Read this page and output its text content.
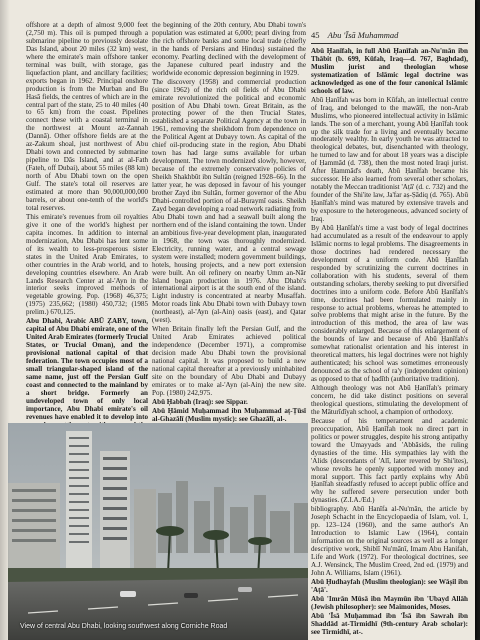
45 Abu 'Īsā Muhammad

offshore at a depth of almost 9,000 feet (2,750 m). This oil is pumped through a submarine pipeline to previously desolate Das Island, about 20 miles (32 km) west, where the emirate's main offshore tanker terminal was built, with storage, gas liquefaction plant, and ancillary facilities; exports began in 1962. Principal onshore production is from the Murban and Bu Hasā fields, the centres of which are in the central part of the state, 25 to 40 miles (40 to 65 km) from the coast. Pipelines connect these with a coastal terminal in the northwest at Mount az-Zannah (Dannā). Other offshore fields are at the az-Zakum shoal, just northwest of Abu Dhabi town and connected by submarine pipeline to Dās Island, and at al-Fath (Fateh, off Dubai), about 55 miles (88 km) north of Abu Dhabi town on the open Gulf. The state's total oil reserves are estimated at more than 90,000,000,000 barrels, or about one-tenth of the world's total reserves.

This emirate's revenues from oil royalties give it one of the world's highest per capita incomes. In addition to internal modernization, Abu Dhabi has lent some of its wealth to less-prosperous sister states in the United Arab Emirates, to other countries in the Arab world, and to developing countries elsewhere. An Arab Lands Research Center at al-'Ayn in the interior seeks improved methods of vegetable growing. Pop. (1968) 46,375; (1975) 235,662; (1980) 450,732; (1985 prelim.) 670,125.

Abu Dhabi, Arabic ABŪ ẒABY, town, capital of Abu Dhabi emirate, one of the United Arab Emirates (formerly Trucial States, or Trucial Oman), and the provisional national capital of that federation. The town occupies most of a small triangular-shaped island of the same name, just off the Persian Gulf coast and connected to the mainland by a short bridge. Formerly an undeveloped town of only local importance, Abu Dhabi emirate's oil revenues have enabled it to develop into

the beginning of the 20th century, Abu Dhabi town's population was estimated at 6,000; pearl diving from the rich offshore banks and some local trade (chiefly in the hands of Persians and Hindus) sustained the economy. Pearling declined with the development of the Japanese cultured pearl industry and the worldwide economic depression beginning in 1929.

The discovery (1958) and commercial production (since 1962) of the rich oil fields of Abu Dhabi emirate revolutionized the political and economic position of Abu Dhabi town. Great Britain, as the protecting power of the then Trucial States, established a separate Political Agency at the town in 1961, removing the sheikhdom from dependence on the Political Agent at Dubayy town. As capital of the chief oil-producing state in the region, Abu Dhabi town has had large sums available for urban development. The town modernized slowly, however, because of the extremely conservative policies of Sheikh Shakhbūt ibn Sultān (reigned 1928–66). In the latter year, he was deposed in favour of his younger brother Zayd ibn Sultān, former governor of the Abu Dhabi-controlled portion of al-Buraymī oasis. Sheikh Zayd began developing a road network radiating from Abu Dhabi town and had a seawall built along the northern end of the island containing the town. Under an ambitious five-year development plan, inaugurated in 1968, the town was thoroughly modernized. Electricity, running water, and a central sewage system were installed; modern government buildings, hotels, housing projects, and a new port extension were built. An oil refinery on nearby Umm an-Nār Island began production in 1976. Abu Dhabi's international airport is at the south end of the island. Light industry is concentrated at nearby Musaffah. Motor roads link Abu Dhabi town with Dubayy town (northeast), al-'Ayn (al-Ain) oasis (east), and Qatar (west).

When Britain finally left the Persian Gulf, and the United Arab Emirates achieved political independence (December 1971), a compromise decision made Abu Dhabi town the provisional national capital. It was proposed to build a new national capital thereafter at a previously uninhabited site on the boundary of Abu Dhabi and Dubayy emirates or to make al-'Ayn (al-Ain) the new site. Pop. (1980) 242,975.

Abū Ḥabbah (Iraq): see Sippar.

Abū Ḥāmid Muḥammad ibn Muḥammad aṭ-Ṭūsī al-Ghazālī (Muslim mystic): see Ghazālī, al-.

Abū Ḥanīfah, in full Abū Ḥanīfah an-Nu'mān ibn Thābit (b. 699, Kūfah, Iraq—d. 767, Baghdad), Muslim jurist and theologian whose systematization of Islāmic legal doctrine was acknowledged as one of the four canonical Islāmic schools of law.

Abū Ḥanīfah was born in Kūfah, an intellectual centre of Iraq, and belonged to the mawālī, the non-Arab Muslims, who pioneered intellectual activity in Islāmic lands. The son of a merchant, young Abū Ḥanīfah took up the silk trade for a living and eventually became moderately wealthy. In early youth he was attracted to theological debates, but, disenchanted with theology, he turned to law and for about 18 years was a disciple of Ḥammād (d. 738), then the most noted Iraqi jurist. After Ḥammād's death, Abū Ḥanīfah became his successor. He also learned from several other scholars, notably the Meccan traditionist 'Aṭā' (d. c. 732) and the founder of the Shi'ite law, Ja'far aṣ-Ṣādiq (d. 765). Abū Ḥanīfah's mind was matured by extensive travels and by exposure to the heterogeneous, advanced society of Iraq.

By Abū Ḥanīfah's time a vast body of legal doctrines had accumulated as a result of the endeavour to apply Islāmic norms to legal problems. The disagreements in those doctrines had rendered necessary the development of a uniform code. Abū Ḥanīfah responded by scrutinizing the current doctrines in collaboration with his students, several of them outstanding scholars, thereby seeking to put diversified doctrines into a uniform code. Before Abū Ḥanīfah's time, doctrines had been formulated mainly in response to actual problems, whereas he attempted to solve problems that might arise in the future. By the introduction of this method, the area of law was considerably enlarged. Because of this enlargement of the bounds of law and because of Abū Ḥanīfah's somewhat rationalist orientation and his interest in theoretical matters, his legal doctrines were not highly authenticated; his school was sometimes erroneously denounced as the school of ra'y (independent opinion) as opposed to that of ḥadīth (authoritative tradition).

Although theology was not Abū Ḥanīfah's primary concern, he did take distinct positions on several theological questions, stimulating the development of the Māturīdīyah school, a champion of orthodoxy.

Because of his temperament and academic preoccupation, Abū Ḥanīfah took no direct part in politics or power struggles, despite his strong antipathy toward the Umayyads and 'Abbāsids, the ruling dynasties of the time. His sympathies lay with the 'Alids (descendants of 'Alī, later revered by Shi'ites), whose revolts he openly supported with money and moral support. This fact partly explains why Abū Ḥanīfah steadfastly refused to accept public office and why he suffered severe persecution under both dynasties. (Z.I.A./Ed.)

bibliography. Abū Hanīfa al-Nu'mān, the article by Joseph Schacht in the Encyclopaedia of Islam, vol. 1, pp. 123–124 (1960), and the same author's An Introduction to Islamic Law (1964), contain information on the original sources as well as a longer descriptive work, Shiblī Nu'mānī, Imam Abu Hanifah, Life and Work (1972). For theological doctrines, see A.J. Wensinck, The Muslim Creed, 2nd ed. (1979) and John A. Williams, Islam (1961).

Abū Ḥudhayfah (Muslim theologian): see Wāṣil ibn 'Aṭā'.

Abū 'Imrān Mūsā ibn Maymūn ibn 'Ubayd Allāh (Jewish philosopher): see Maimonides, Moses.

Abū 'Īsā Muḥammad ibn 'Īsā ibn Sawrah ibn Shaddād at-Tirmidhī (9th-century Arab scholar): see Tirmidhī, at-.

View of central Abu Dhabi, looking southwest along Corniche Road
